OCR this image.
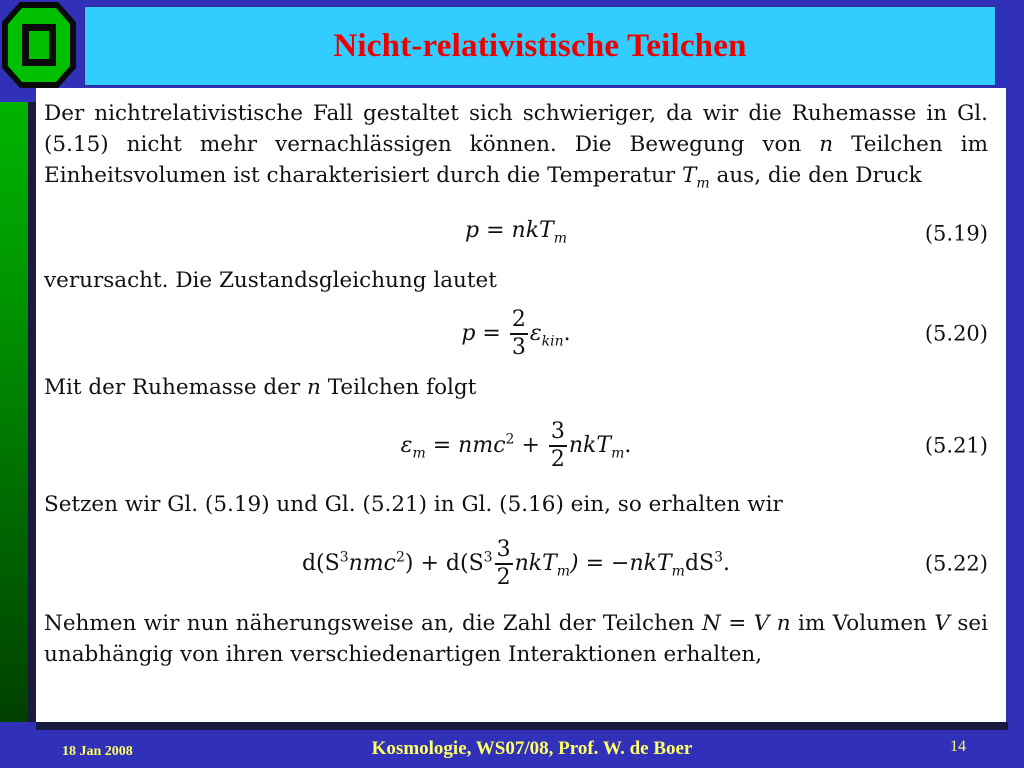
Nicht-relativistische Teilchen

Der nichtrelativistische Fall gestaltet sich schwieriger, da wir die Ruhemasse in Gl. (5.15) nicht mehr vernachlässigen können. Die Bewegung von n Teilchen im Einheitsvolumen ist charakterisiert durch die Temperatur $T_m$ aus, die den Druck

p = nkT$_m$	(5.19)

verursacht. Die Zustandsgleichung lautet

$p = \frac{2}{3} \varepsilon_{kin}$.	(5.20)

Mit der Ruhemasse der n Teilchen folgt

$\varepsilon_m = nmc^2 + \frac{3}{2} nkT_m$.	(5.21)

Setzen wir Gl. (5.19) und Gl. (5.21) in Gl. (5.16) ein, so erhalten wir

$d(S^3nmc^2) + d(S^3 \frac{3}{2} nkT_m) = -nkT_mdS^3$.	(5.22)

Nehmen wir nun näherungsweise an, die Zahl der Teilchen N = V n im Volumen V sei unabhängig von ihren verschiedenartigen Interaktionen erhalten,

18 Jan 2008	Kosmologie, WS07/08, Prof. W. de Boer	14
